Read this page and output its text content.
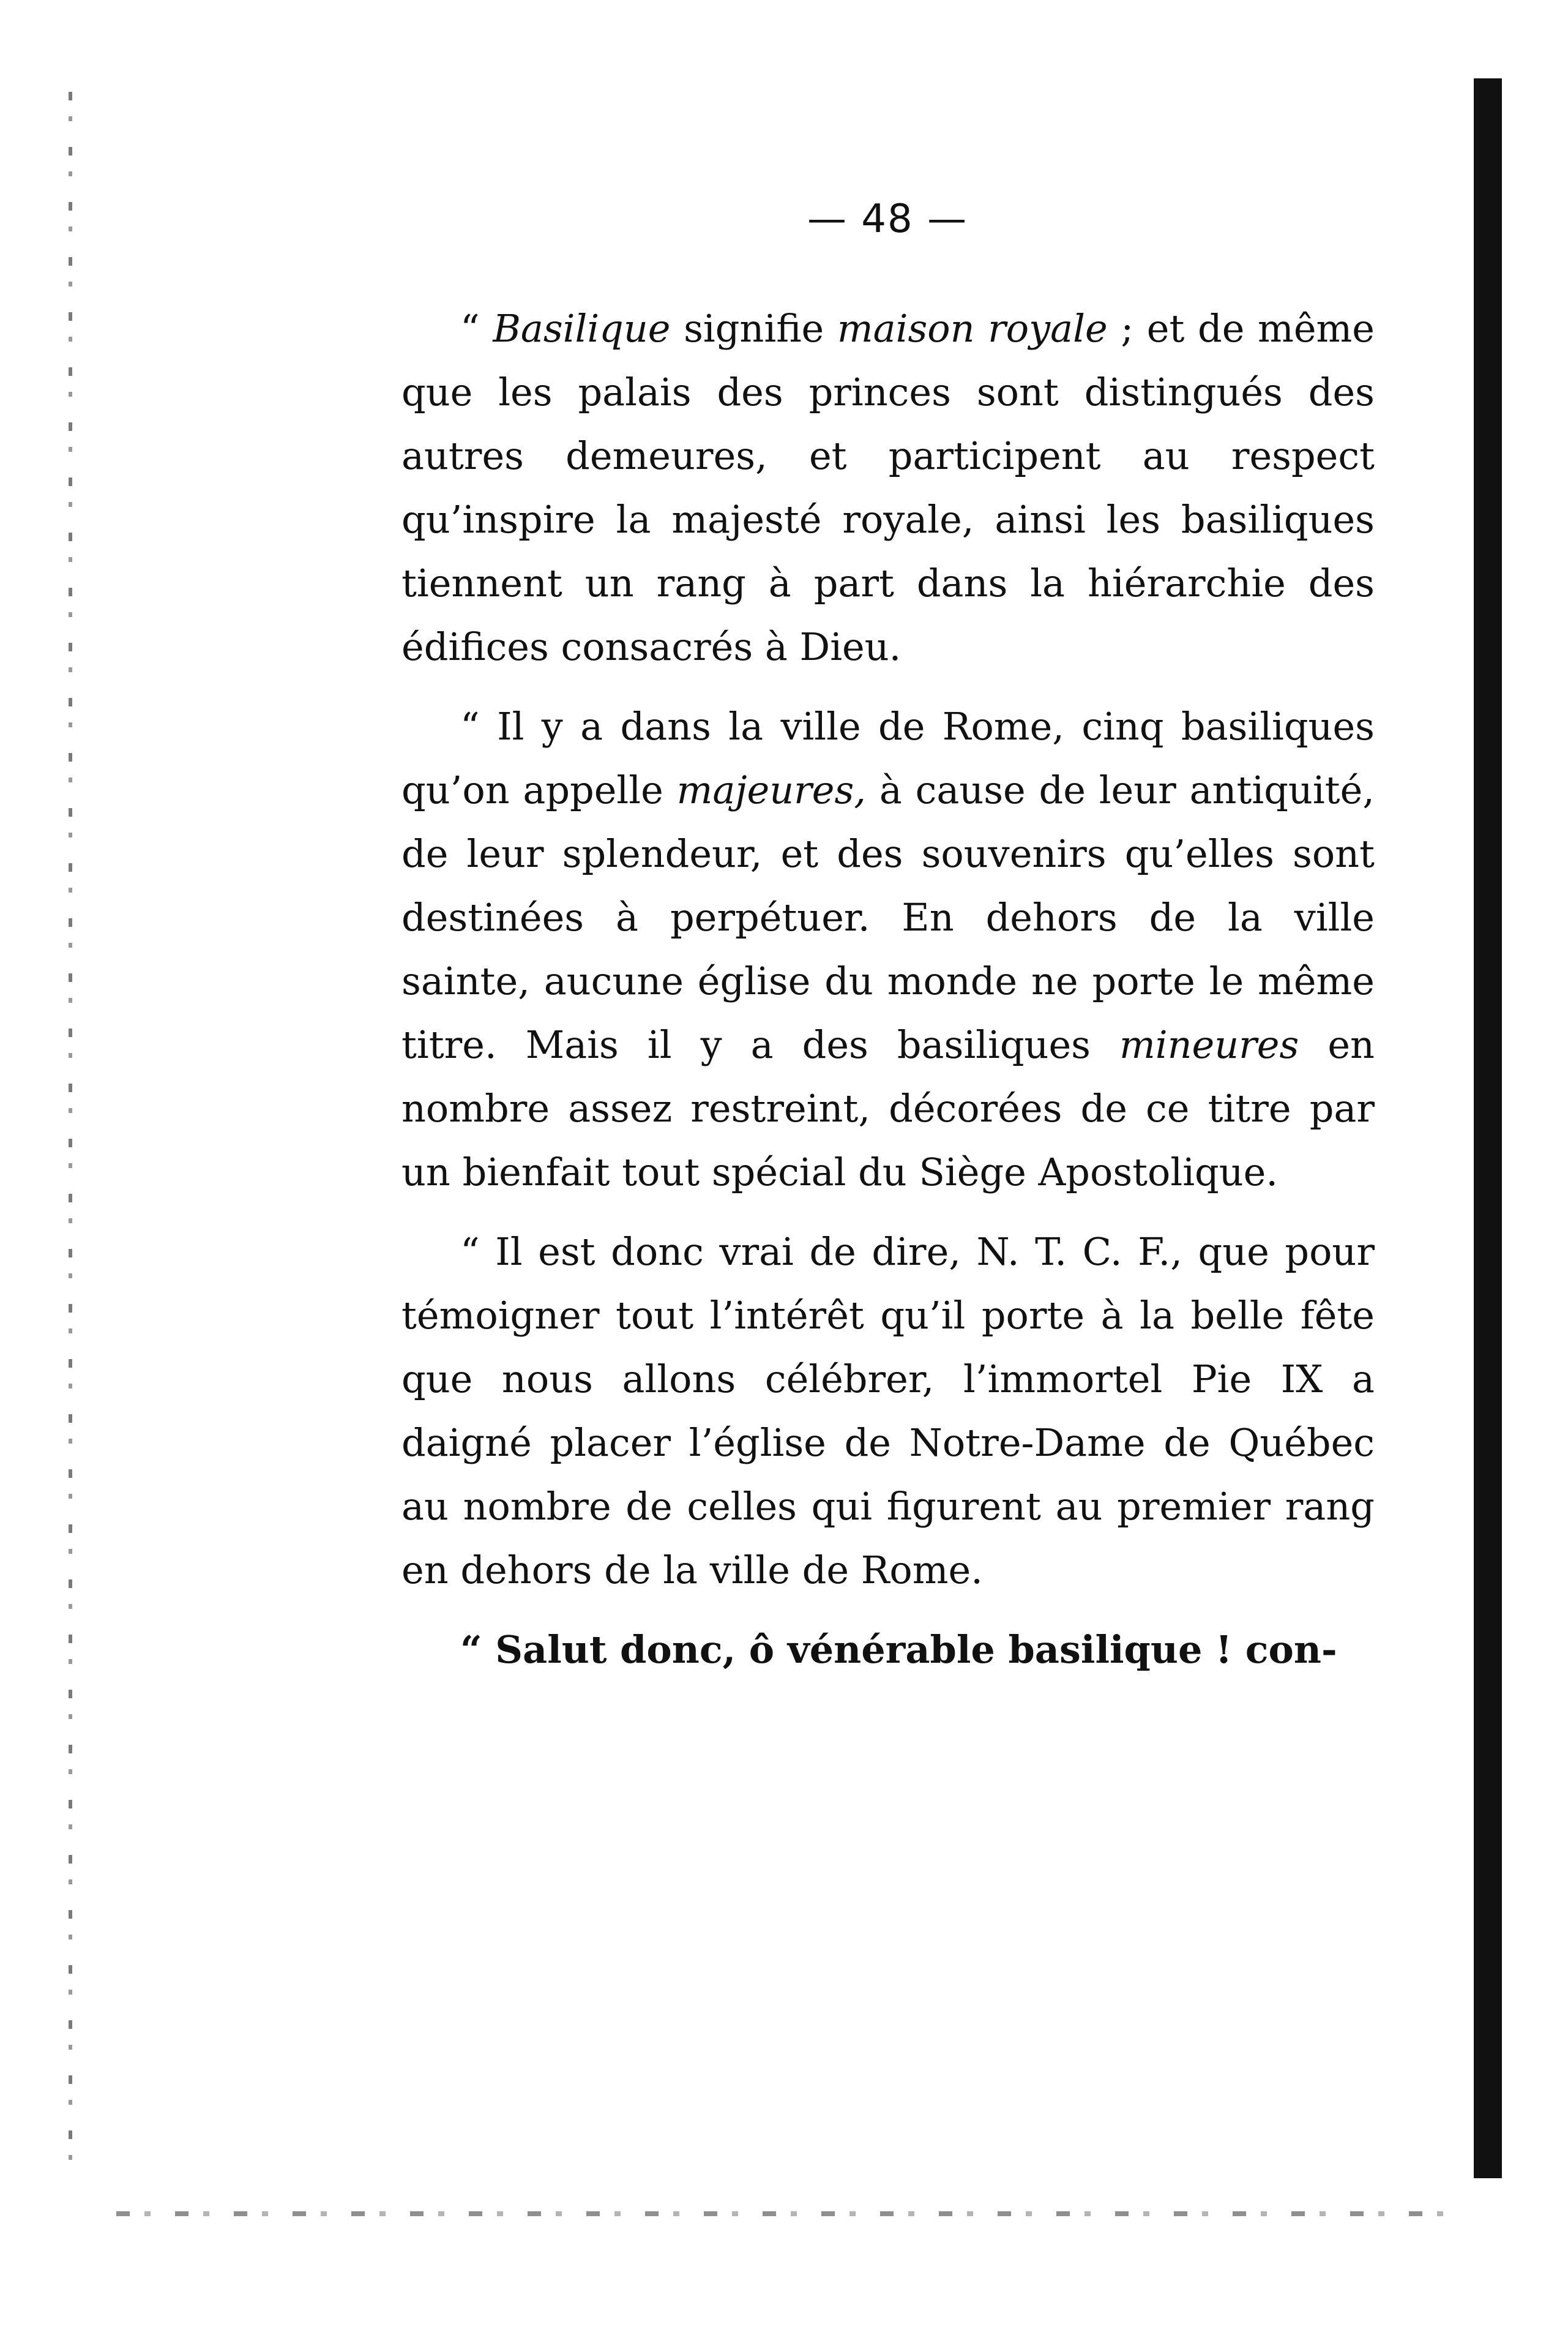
— 48 —

“ Basilique signifie maison royale ; et de même que les palais des princes sont distingués des autres demeures, et participent au respect qu’inspire la majesté royale, ainsi les basiliques tiennent un rang à part dans la hiérarchie des édifices consacrés à Dieu.

“ Il y a dans la ville de Rome, cinq basiliques qu’on appelle majeures, à cause de leur antiquité, de leur splendeur, et des souvenirs qu’elles sont destinées à perpétuer. En dehors de la ville sainte, aucune église du monde ne porte le même titre. Mais il y a des basiliques mineures en nombre assez restreint, décorées de ce titre par un bienfait tout spécial du Siège Apostolique.

“ Il est donc vrai de dire, N. T. C. F., que pour témoigner tout l’intérêt qu’il porte à la belle fête que nous allons célébrer, l’immortel Pie IX a daigné placer l’église de Notre-Dame de Québec au nombre de celles qui figurent au premier rang en dehors de la ville de Rome.

“ Salut donc, ô vénérable basilique ! con-
